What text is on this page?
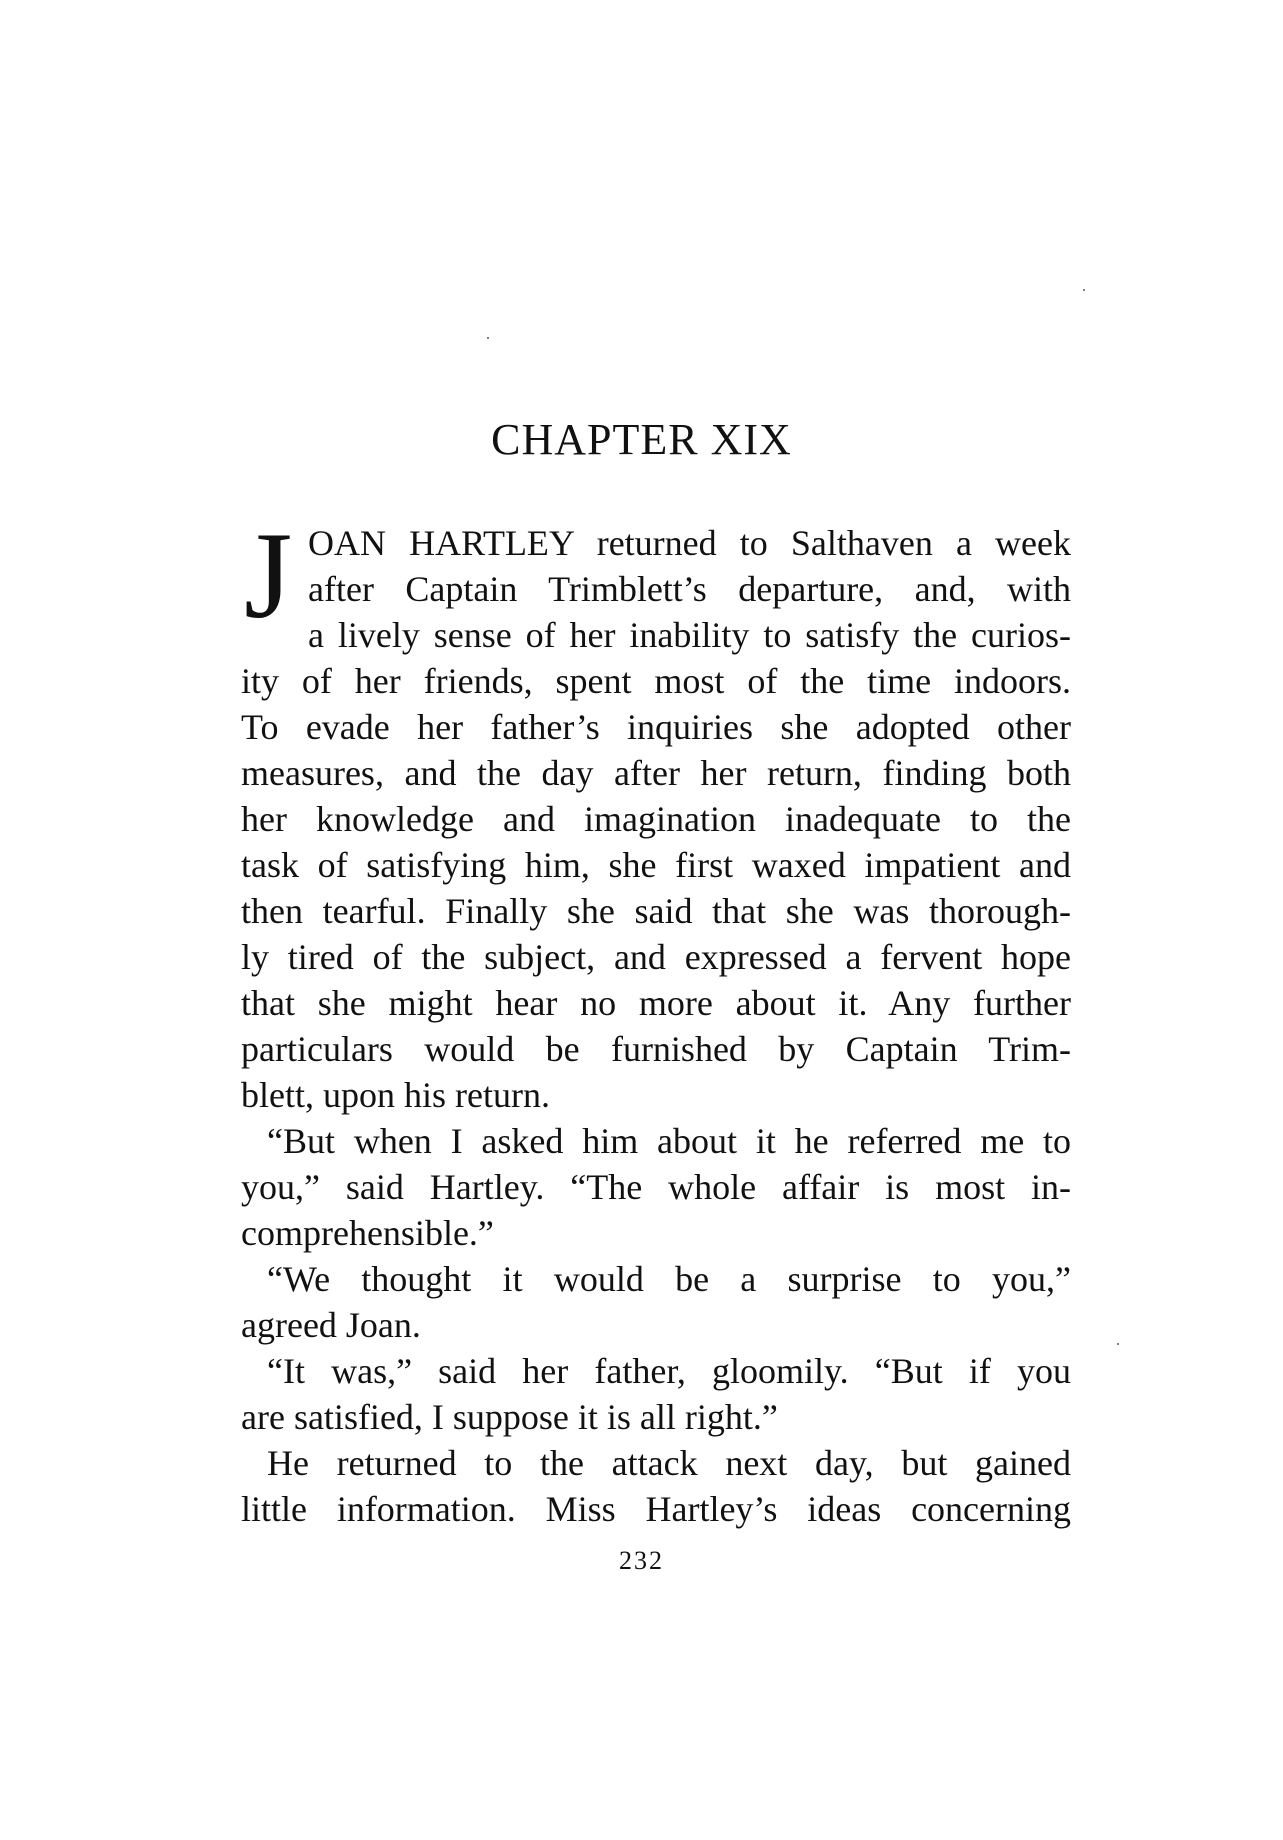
CHAPTER XIX
J OAN HARTLEY returned to Salthaven a week
after Captain Trimblett’s departure, and, with
a lively sense of her inability to satisfy the curios-
ity of her friends, spent most of the time indoors.
To evade her father’s inquiries she adopted other
measures, and the day after her return, finding both
her knowledge and imagination inadequate to the
task of satisfying him, she first waxed impatient and
then tearful. Finally she said that she was thorough-
ly tired of the subject, and expressed a fervent hope
that she might hear no more about it. Any further
particulars would be furnished by Captain Trim-
blett, upon his return.
“But when I asked him about it he referred me to
you,” said Hartley. “The whole affair is most in-
comprehensible.”
“We thought it would be a surprise to you,”
agreed Joan.
“It was,” said her father, gloomily. “But if you
are satisfied, I suppose it is all right.”
He returned to the attack next day, but gained
little information. Miss Hartley’s ideas concerning
232
